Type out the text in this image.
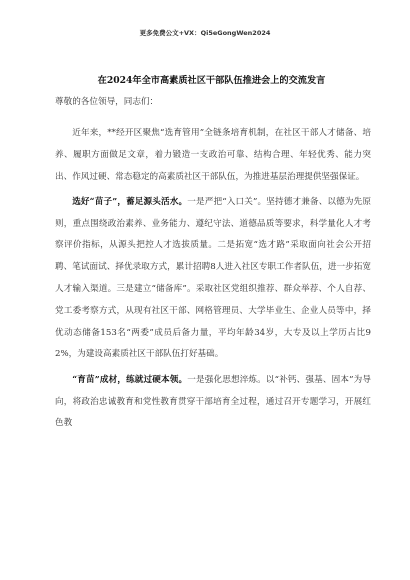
更多免费公文+VX：Qi5eGongWen2024
在2024年全市高素质社区干部队伍推进会上的交流发言
尊敬的各位领导，同志们：

近年来，**经开区聚焦“选育管用”全链条培育机制，在社区干部人才储备、培养、履职方面做足文章，着力锻造一支政治可靠、结构合理、年轻优秀、能力突出、作风过硬、常态稳定的高素质社区干部队伍，为推进基层治理提供坚强保证。

选好“苗子”，蓄足源头活水。一是严把“入口关”。坚持德才兼备、以德为先原则，重点围绕政治素养、业务能力、遵纪守法、道德品质等要求，科学量化人才考察评价指标，从源头把控人才选拔质量。二是拓宽“选才路”采取面向社会公开招聘、笔试面试、择优录取方式，累计招聘8人进入社区专职工作者队伍，进一步拓宽人才输入渠道。三是建立“储备库”。采取社区党组织推荐、群众举荐、个人自荐、党工委考察方式，从现有社区干部、网格管理员、大学毕业生、企业人员等中，择优动态储备153名“两委”成员后备力量，平均年龄34岁，大专及以上学历占比92%，为建设高素质社区干部队伍打好基础。

“育苗”成材，练就过硬本领。一是强化思想淬炼。以“补钙、强基、固本”为导向，将政治忠诚教育和党性教育贯穿干部培育全过程，通过召开专题学习，开展红色教
